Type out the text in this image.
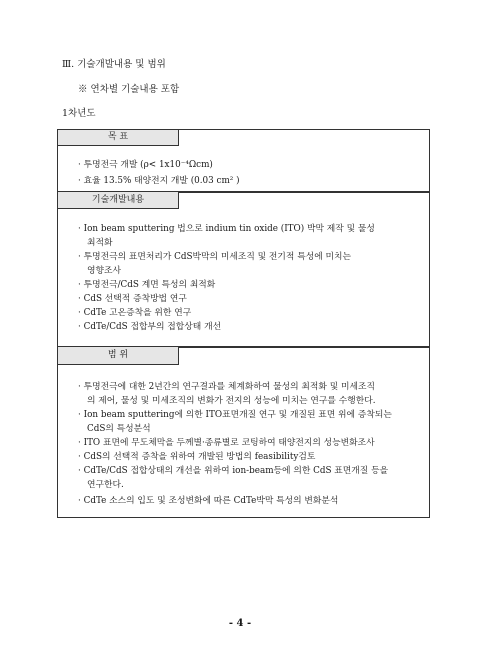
Ⅲ. 기술개발내용 및 범위
※ 연차별 기술내용 포함
1차년도
목 표
· 투명전극 개발 (ρ< 1x10⁻⁴Ωcm)
· 효율 13.5% 태양전지 개발 (0.03 cm² )
기술개발내용
· Ion beam sputtering 법으로 indium tin oxide (ITO) 박막 제작 및 물성
최적화
· 투명전극의 표면처리가 CdS박막의 미세조직 및 전기적 특성에 미치는
영향조사
· 투명전극/CdS 계면 특성의 최적화
· CdS 선택적 증착방법 연구
· CdTe 고온증착을 위한 연구
· CdTe/CdS 접합부의 접합상태 개선
범 위
· 투명전극에 대한 2년간의 연구결과를 체계화하여 물성의 최적화 및 미세조직
의 제어, 물성 및 미세조직의 변화가 전지의 성능에 미치는 연구를 수행한다.
· Ion beam sputtering에 의한 ITO표면개질 연구 및 개질된 표면 위에 증착되는
CdS의 특성분석
· ITO 표면에 무도체막을 두께별·종류별로 코팅하여 태양전지의 성능변화조사
· CdS의 선택적 증착을 위하여 개발된 방법의 feasibility검토
· CdTe/CdS 접합상태의 개선을 위하여 ion-beam등에 의한 CdS 표면개질 등을
연구한다.
· CdTe 소스의 입도 및 조성변화에 따른 CdTe박막 특성의 변화분석
- 4 -
